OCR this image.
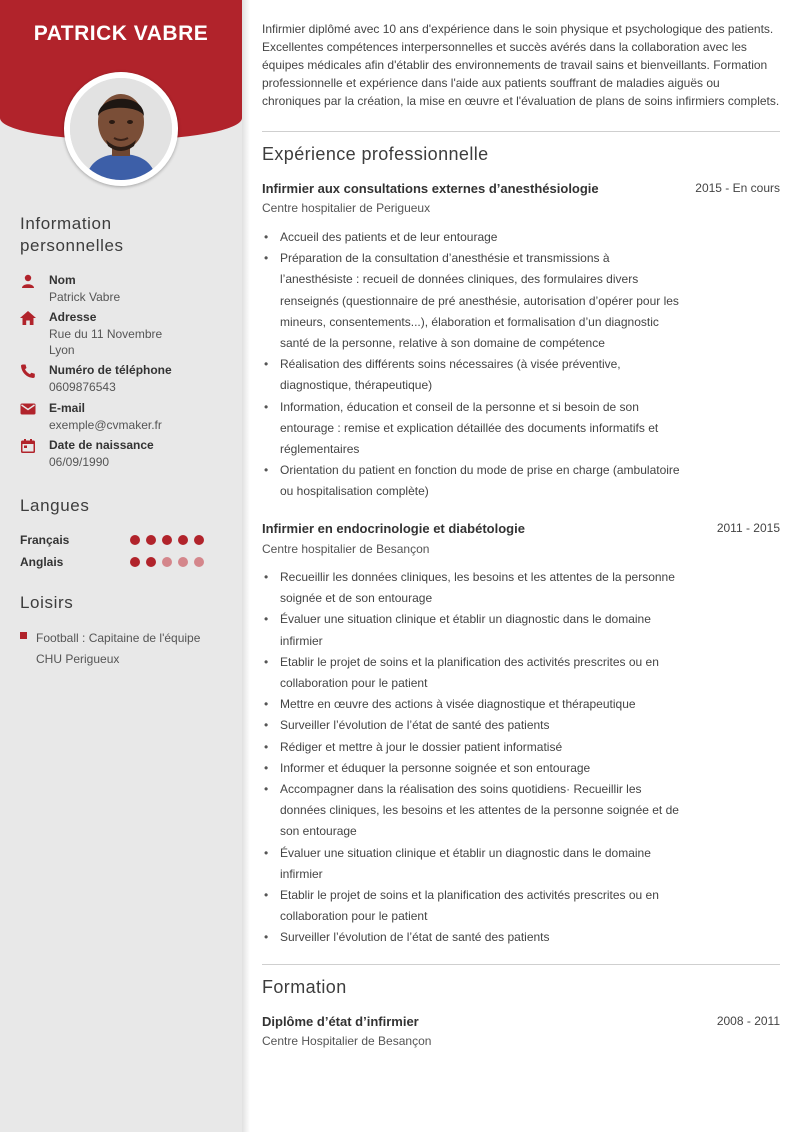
PATRICK VABRE
Information
personnelles
Nom
Patrick Vabre
Adresse
Rue du 11 Novembre
Lyon
Numéro de téléphone
0609876543
E-mail
exemple@cvmaker.fr
Date de naissance
06/09/1990
Langues
Français
Anglais
Loisirs
Football : Capitaine de l'équipe CHU Perigueux
Infirmier diplômé avec 10 ans d'expérience dans le soin physique et psychologique des patients. Excellentes compétences interpersonnelles et succès avérés dans la collaboration avec les équipes médicales afin d'établir des environnements de travail sains et bienveillants. Formation professionnelle et expérience dans l'aide aux patients souffrant de maladies aiguës ou chroniques par la création, la mise en œuvre et l'évaluation de plans de soins infirmiers complets.
Expérience professionnelle
Infirmier aux consultations externes d’anesthésiologie	2015 - En cours
Centre hospitalier de Perigueux
• Accueil des patients et de leur entourage
• Préparation de la consultation d’anesthésie et transmissions à l’anesthésiste : recueil de données cliniques, des formulaires divers renseignés (questionnaire de pré anesthésie, autorisation d’opérer pour les mineurs, consentements...), élaboration et formalisation d’un diagnostic santé de la personne, relative à son domaine de compétence
• Réalisation des différents soins nécessaires (à visée préventive, diagnostique, thérapeutique)
• Information, éducation et conseil de la personne et si besoin de son entourage : remise et explication détaillée des documents informatifs et réglementaires
• Orientation du patient en fonction du mode de prise en charge (ambulatoire ou hospitalisation complète)
Infirmier en endocrinologie et diabétologie	2011 - 2015
Centre hospitalier de Besançon
• Recueillir les données cliniques, les besoins et les attentes de la personne soignée et de son entourage
• Évaluer une situation clinique et établir un diagnostic dans le domaine infirmier
• Etablir le projet de soins et la planification des activités prescrites ou en collaboration pour le patient
• Mettre en œuvre des actions à visée diagnostique et thérapeutique
• Surveiller l’évolution de l’état de santé des patients
• Rédiger et mettre à jour le dossier patient informatisé
• Informer et éduquer la personne soignée et son entourage
• Accompagner dans la réalisation des soins quotidiens· Recueillir les données cliniques, les besoins et les attentes de la personne soignée et de son entourage
• Évaluer une situation clinique et établir un diagnostic dans le domaine infirmier
• Etablir le projet de soins et la planification des activités prescrites ou en collaboration pour le patient
• Surveiller l’évolution de l’état de santé des patients
Formation
Diplôme d’état d’infirmier	2008 - 2011
Centre Hospitalier de Besançon
